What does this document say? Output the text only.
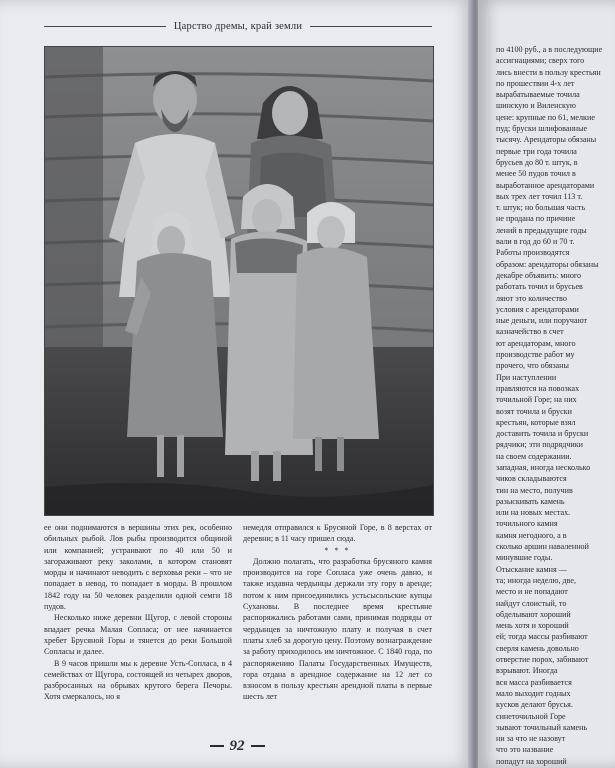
Царство дремы, край земли

ее они поднимаются в вершины этих рек, особенно обильных рыбой. Лов рыбы производится общиной или компанией; устраивают по 40 или 50 и загораживают реку заколами, в котором становят морды и начинают неводить с верховья реки – что не попадает в невод, то попадает в морды. В прошлом 1842 году на 50 человек разделили одной семги 18 пудов.

Несколько ниже деревни Щугор, с левой стороны впадает речка Малая Сопласа; от нее начинается хребет Брусяной Горы и тянется до реки Большой Сопласы и далее.

В 9 часов пришли мы к деревне Усть-Сопласа, в 4 семействах от Щугора, состоящей из четырех дворов, разбросанных на обрывах крутого берега Печоры. Хотя смеркалось, но я

немедля отправился к Брусяной Горе, в 8 верстах от деревни; в 11 часу пришел сюда.

* * *

Должно полагать, что разработка брусяного камня производится на горе Сопласа уже очень давно, и также издавна чердынцы держали эту гору в аренде; потом к ним присоединились устьсысольские купцы Сухановы. В последнее время крестьяне распоряжались работами сами, принимая подряды от чердынцев за ничтожную плату и получая в счет платы хлеб за дорогую цену. Поэтому вознаграждение за работу приходилось им ничтожное. С 1840 года, по распоряжению Палаты Государственных Имуществ, гора отдана в арендное содержание на 12 лет со взносом в пользу крестьян арендной платы в первые шесть лет

92

по 4100 руб., а в последующие

ассигнациями; сверх того

лись внести в пользу крестьян

по прошествии 4-х лет

вырабатываемые точила

шинскую и Виленскую

цене: крупные по 61, мелкие

пуд; бруски шлифованные

тысячу. Арендаторы обязаны

первые три года точила

брусьев до 80 т. штук, в

менее 50 пудов точил в

выработанное арендаторами

вых трех лет точил 113 т.

т. штук; но большая часть

не продана по причине

лений в предыдущие годы

вали в год до 60 и 70 т.

Работы производятся

образом: арендаторы обязаны

декабре объявить: много

работать точил и брусьев

ляют это количество

условия с арендаторами

ные деньги, или поручают

казначейство в счет

ют арендаторам, много

производстве работ му

прочего, что обязаны

При наступлении

правляются на повозках

точильной Горе; на них

возят точила и бруски

крестьян, которые взял

доставить точила и бруски

рядчики; эти подрядчики

на своем содержании.

западная, иногда несколько

чиков складываются

тин на место, получив

разыскивать камень

или на новых местах.

точильного камня

камня негодного, а в

сколько аршин наваленной

минувшие годы.

Отыскание камня —

та; иногда неделю, две,

место и не попадают

найдут слоистый, то

обделывают хороший

мень хотя и хороший

ей; тогда массы разбивают

сверля камень довольно

отверстие порох, забивают

взрывают. Иногда

вся масса разбивается

мало выходит годных

кусков делают брусья.

синеточильной Горе

зывают точильный камень

ни за что не назовут

что это название

попадут на хороший
